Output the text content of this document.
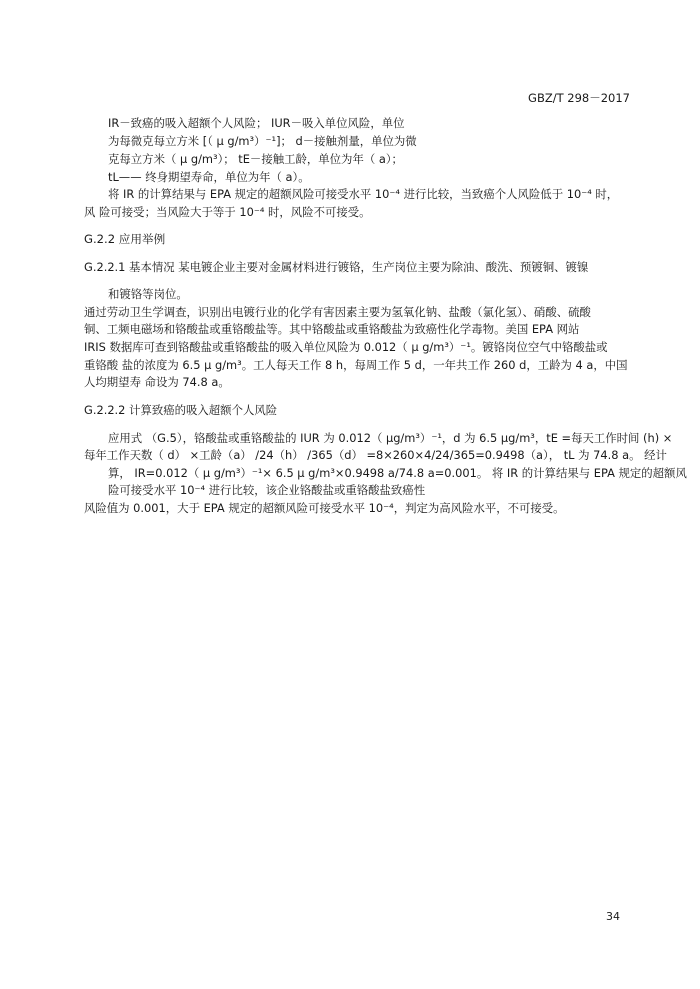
GBZ/T 298－2017
IR－致癌的吸入超额个人风险； IUR－吸入单位风险，单位
为每微克每立方米 [（ μ g/m³）⁻¹]； d－接触剂量，单位为微
克每立方米（ μ g/m³）； tE－接触工龄，单位为年（ a）；
tL—— 终身期望寿命，单位为年（ a）。
将 IR 的计算结果与 EPA 规定的超额风险可接受水平 10⁻⁴ 进行比较，当致癌个人风险低于 10⁻⁴ 时，
风 险可接受；当风险大于等于 10⁻⁴ 时，风险不可接受。
G.2.2 应用举例
G.2.2.1 基本情况 某电镀企业主要对金属材料进行镀铬，生产岗位主要为除油、酸洗、预镀铜、镀镍
和镀铬等岗位。
通过劳动卫生学调查，识别出电镀行业的化学有害因素主要为氢氧化钠、盐酸（氯化氢）、硝酸、硫酸
铜、工频电磁场和铬酸盐或重铬酸盐等。其中铬酸盐或重铬酸盐为致癌性化学毒物。美国 EPA 网站
IRIS 数据库可查到铬酸盐或重铬酸盐的吸入单位风险为 0.012（ μ g/m³）⁻¹。镀铬岗位空气中铬酸盐或
重铬酸 盐的浓度为 6.5 μ g/m³。工人每天工作 8 h，每周工作 5 d，一年共工作 260 d，工龄为 4 a，中国
人均期望寿 命设为 74.8 a。
G.2.2.2 计算致癌的吸入超额个人风险
应用式 （G.5），铬酸盐或重铬酸盐的 IUR 为 0.012（ μg/m³）⁻¹，d 为 6.5 μg/m³，tE =每天工作时间 (h) ×
每年工作天数（ d） ×工龄（a） /24（h） /365（d） =8×260×4/24/365=0.9498（a）， tL 为 74.8 a。 经计
算， IR=0.012（ μ g/m³）⁻¹× 6.5 μ g/m³×0.9498 a/74.8 a=0.001。 将 IR 的计算结果与 EPA 规定的超额风
险可接受水平 10⁻⁴ 进行比较，该企业铬酸盐或重铬酸盐致癌性
风险值为 0.001，大于 EPA 规定的超额风险可接受水平 10⁻⁴，判定为高风险水平，不可接受。
34
